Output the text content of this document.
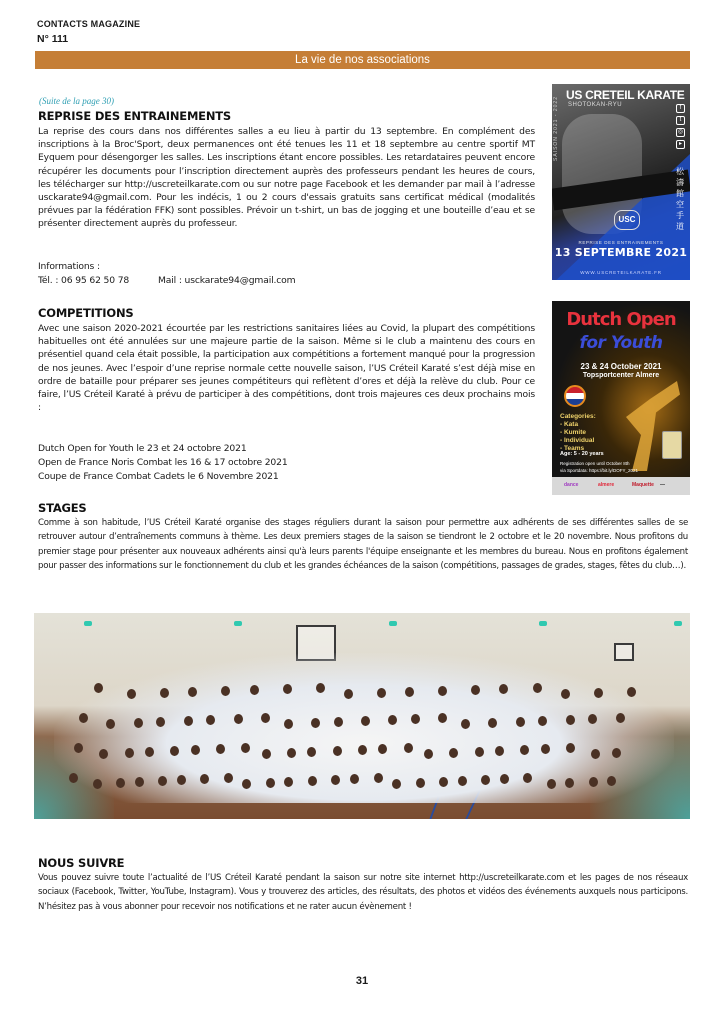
CONTACTS MAGAZINE
N° 111
La vie de nos associations
(Suite de la page 30)
REPRISE DES ENTRAINEMENTS
La reprise des cours dans nos différentes salles a eu lieu à partir du 13 septembre. En complément des inscriptions à la Broc'Sport, deux permanences ont été tenues les 11 et 18 septembre au centre sportif MT Eyquem pour désengorger les salles. Les inscriptions étant encore possibles. Les retardataires peuvent encore récupérer les documents pour l’inscription directement auprès des professeurs pendant les heures de cours, les télécharger sur http://uscreteilkarate.com ou sur notre page Facebook et les demander par mail à l’adresse usckarate94@gmail.com. Pour les indécis, 1 ou 2 cours d'essais gratuits sans certificat médical (modalités prévues par la fédération FFK) sont possibles. Prévoir un t-shirt, un bas de jogging et une bouteille d’eau et se présenter directement auprès du professeur.
Informations :
Tél. : 06 95 62 50 78	Mail : usckarate94@gmail.com
SAISON 2021 - 2022
US CRETEIL KARATE
SHOTOKAN-RYU	f
t
◎
▸
松濤館空手道
USC
REPRISE DES ENTRAINEMENTS
13 SEPTEMBRE 2021
WWW.USCRETEILKARATE.FR
COMPETITIONS
Avec une saison 2020-2021 écourtée par les restrictions sanitaires liées au Covid, la plupart des compétitions habituelles ont été annulées sur une majeure partie de la saison. Même si le club a maintenu des cours en présentiel quand cela était possible, la participation aux compétitions a fortement manqué pour la progression de nos jeunes. Avec l’espoir d’une reprise normale cette nouvelle saison, l’US Créteil Karaté s’est déjà mise en ordre de bataille pour préparer ses jeunes compétiteurs qui reflètent d’ores et déjà la relève du club. Pour ce faire, l’US Créteil Karaté à prévu de participer à des compétitions, dont trois majeures ces deux prochains mois :
Dutch Open for Youth le 23 et 24 octobre 2021
Open de France Noris Combat les 16 & 17 octobre 2021
Coupe de France Combat Cadets le 6 Novembre 2021
Dutch Open
for Youth
23 & 24 October 2021
Topsportcenter Almere
Categories:
- Kata
- Kumite
- Individual
- Teams
Age: 5 - 20 years
Registration open until October 8th
via Sportdata: https://bit.ly/DOFY_2021
dance	almere	Maquette —
STAGES
Comme à son habitude, l’US Créteil Karaté organise des stages réguliers durant la saison pour permettre aux adhérents de ses différentes salles de se retrouver autour d’entraînements communs à thème. Les deux premiers stages de la saison se tiendront le 2 octobre et le 20 novembre. Nous profitons du premier stage pour présenter aux nouveaux adhérents ainsi qu'à leurs parents l'équipe enseignante et les membres du bureau. Nous en profitons également pour passer des informations sur le fonctionnement du club et les grandes échéances de la saison (compétitions, passages de grades, stages, fêtes du club…).
NOUS SUIVRE
Vous pouvez suivre toute l’actualité de l’US Créteil Karaté pendant la saison sur notre site internet http://uscreteilkarate.com et les pages de nos réseaux sociaux (Facebook, Twitter, YouTube, Instagram). Vous y trouverez des articles, des résultats, des photos et vidéos des événements auxquels nous participons. N’hésitez pas à vous abonner pour recevoir nos notifications et ne rater aucun évènement !
31
